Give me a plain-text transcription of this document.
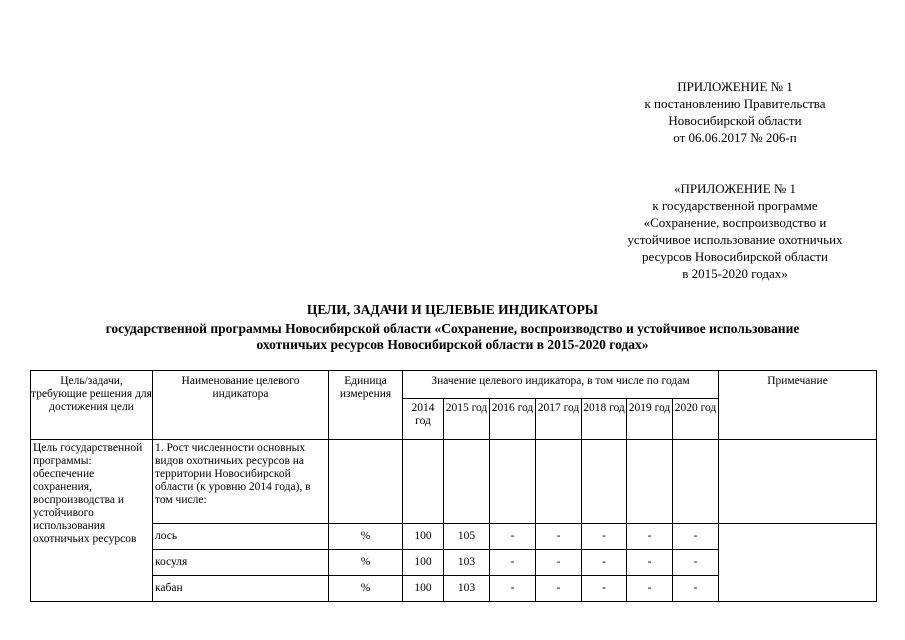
ПРИЛОЖЕНИЕ № 1
к постановлению Правительства
Новосибирской области
от 06.06.2017 № 206-п
«ПРИЛОЖЕНИЕ № 1
к государственной программе
«Сохранение, воспроизводство и
устойчивое использование охотничьих
ресурсов Новосибирской области
в 2015-2020 годах»
ЦЕЛИ, ЗАДАЧИ И ЦЕЛЕВЫЕ ИНДИКАТОРЫ
государственной программы Новосибирской области «Сохранение, воспроизводство и устойчивое использование
охотничьих ресурсов Новосибирской области в 2015-2020 годах»
Цель/задачи, требующие решения для достижения цели	Наименование целевого индикатора	Единица измерения	Значение целевого индикатора, в том числе по годам							Примечание
			2014 год	2015 год	2016 год	2017 год	2018 год	2019 год	2020 год	
Цель государственной программы: обеспечение сохранения, воспроизводства и устойчивого использования охотничьих ресурсов	1. Рост численности основных видов охотничьих ресурсов на территории Новосибирской области (к уровню 2014 года), в том числе:									
	лось	%	100	105	-	-	-	-	-	
	косуля	%	100	103	-	-	-	-	-	
	кабан	%	100	103	-	-	-	-	-	
